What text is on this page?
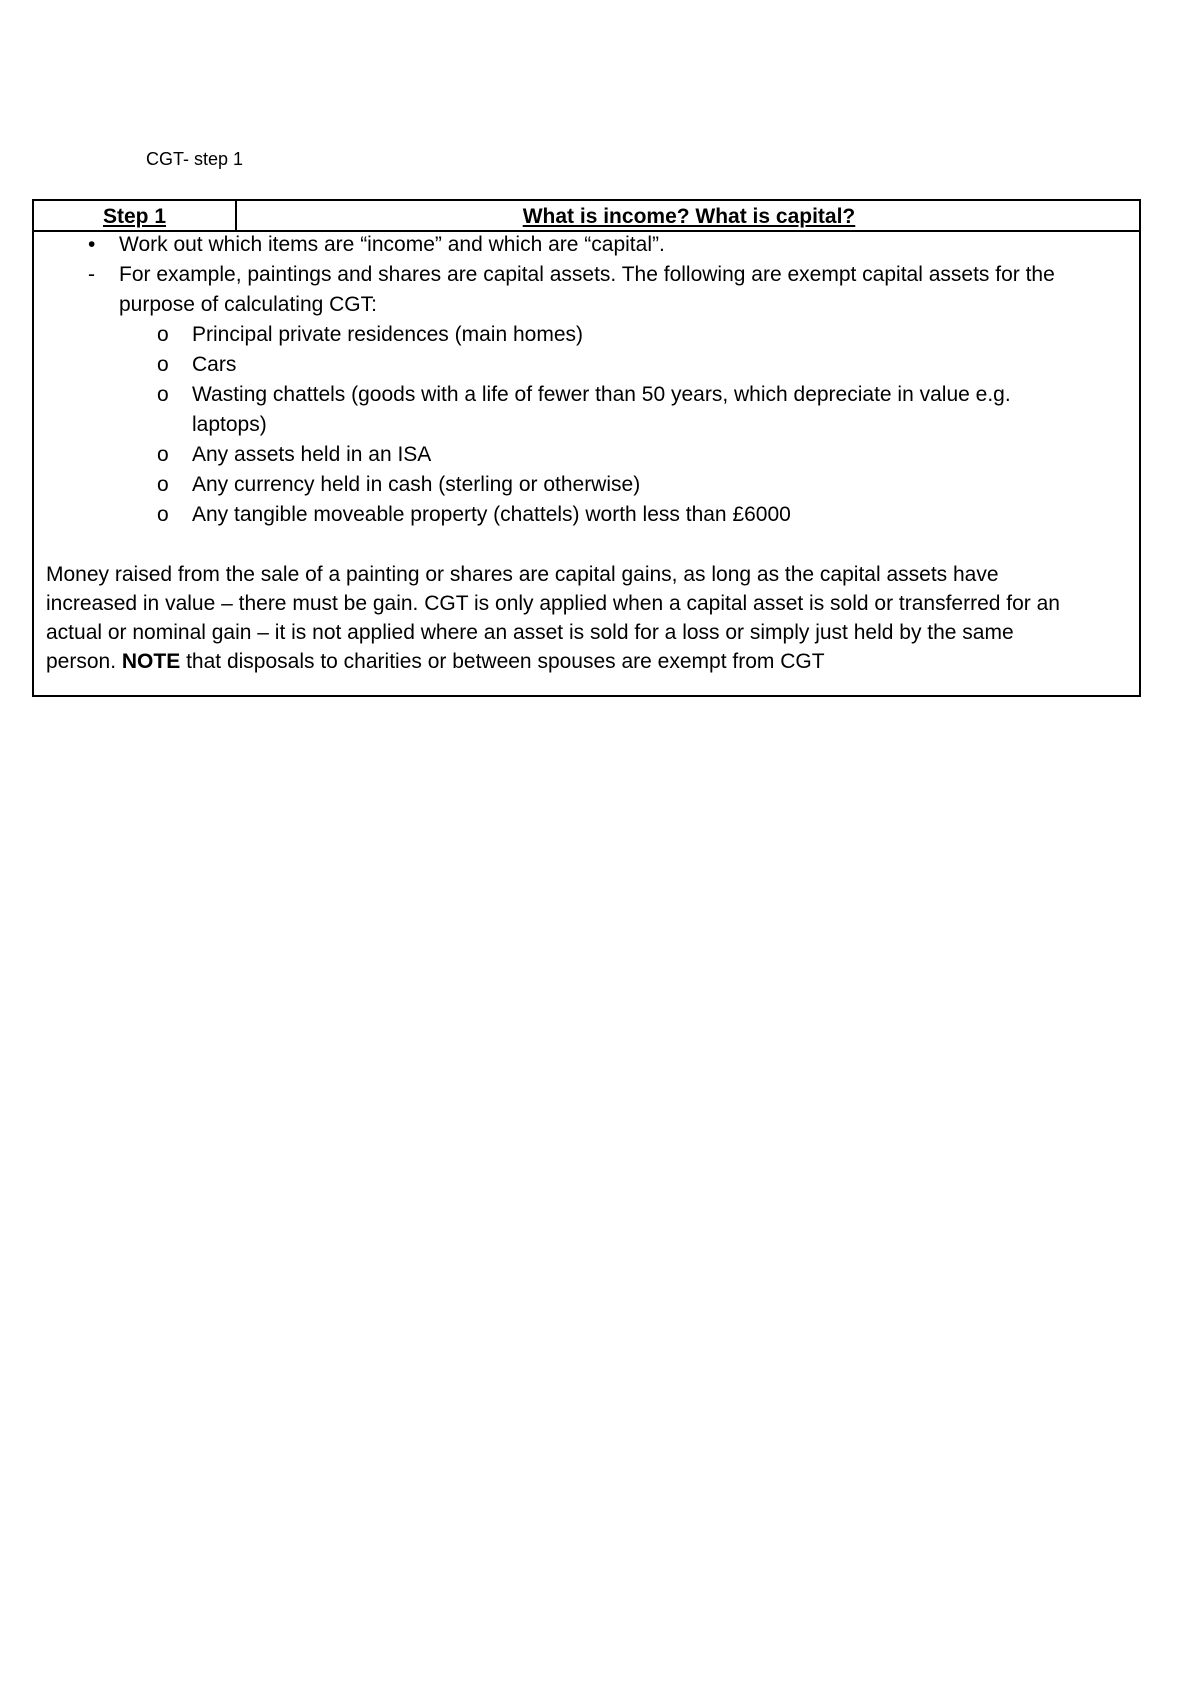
CGT- step 1
Step 1	What is income? What is capital?
• Work out which items are “income” and which are “capital”.
- For example, paintings and shares are capital assets. The following are exempt capital assets for the
purpose of calculating CGT:
o Principal private residences (main homes)
o Cars
o Wasting chattels (goods with a life of fewer than 50 years, which depreciate in value e.g.
laptops)
o Any assets held in an ISA
o Any currency held in cash (sterling or otherwise)
o Any tangible moveable property (chattels) worth less than £6000
Money raised from the sale of a painting or shares are capital gains, as long as the capital assets have
increased in value – there must be gain. CGT is only applied when a capital asset is sold or transferred for an
actual or nominal gain – it is not applied where an asset is sold for a loss or simply just held by the same
person. NOTE that disposals to charities or between spouses are exempt from CGT
